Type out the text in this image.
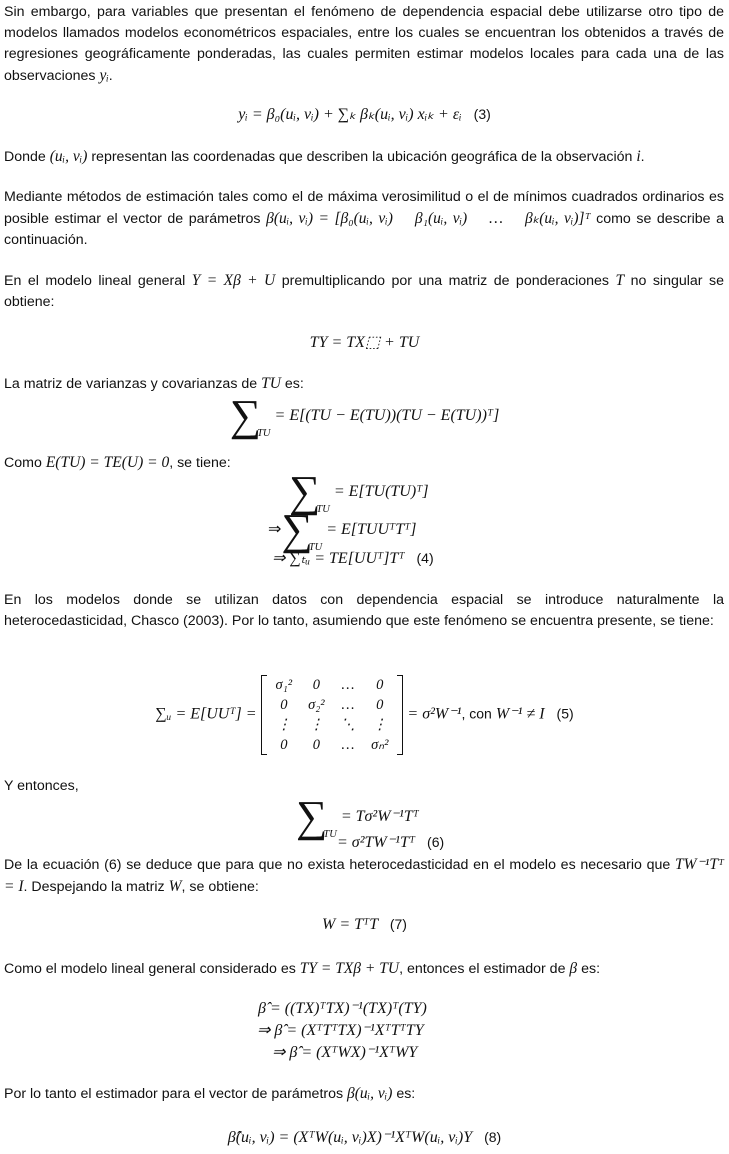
Sin embargo, para variables que presentan el fenómeno de dependencia espacial debe utilizarse otro tipo de modelos llamados modelos econométricos espaciales, entre los cuales se encuentran los obtenidos a través de regresiones geográficamente ponderadas, las cuales permiten estimar modelos locales para cada una de las observaciones yᵢ.
yᵢ = β₀(uᵢ, vᵢ) + ∑ₖ βₖ(uᵢ, vᵢ) xᵢₖ + εᵢ (3)
Donde (uᵢ, vᵢ) representan las coordenadas que describen la ubicación geográfica de la observación i.
Mediante métodos de estimación tales como el de máxima verosimilitud o el de mínimos cuadrados ordinarios es posible estimar el vector de parámetros β(uᵢ, vᵢ) = [β₀(uᵢ, vᵢ)    β₁(uᵢ, vᵢ)    …    βₖ(uᵢ, vᵢ)]ᵀ como se describe a continuación.
En el modelo lineal general Y = Xβ + U premultiplicando por una matriz de ponderaciones T no singular se obtiene:
TY = TX⬚ + TU
La matriz de varianzas y covarianzas de TU es:
$\sum_{TU} = E[(TU - E(TU))(TU$ − E(TU))ᵀ]
Como E(TU) = TE(U) = 0, se tiene:
$\sum_{TU}$ = E[TU(TU)ᵀ]
$\Rightarrow\sum_{TU}$ = E[TUUᵀTᵀ]
⇒ ∑ₜᵤ = TE[UUᵀ]Tᵀ (4)
En los modelos donde se utilizan datos con dependencia espacial se introduce naturalmente la heterocedasticidad, Chasco (2003). Por lo tanto, asumiendo que este fenómeno se encuentra presente, se tiene:
∑ᵤ = E[UUᵀ] =
σ₁²	0	…	0
0	σ₂²	…	0
⋮	⋮	⋱	⋮
0	0	…	σₙ²
= σ²W⁻¹, con W⁻¹ ≠ I (5)
Y entonces,
$\sum_{TU}$ = Tσ²W⁻¹Tᵀ
= σ²TW⁻¹Tᵀ (6)
De la ecuación (6) se deduce que para que no exista heterocedasticidad en el modelo es necesario que TW⁻¹Tᵀ = I. Despejando la matriz W, se obtiene:
W = TᵀT (7)
Como el modelo lineal general considerado es TY = TXβ + TU, entonces el estimador de β es:
β̂ = ((TX)ᵀTX)⁻¹(TX)ᵀ(TY)
⇒ β̂ = (XᵀTᵀTX)⁻¹XᵀTᵀTY
⇒ β̂ = (XᵀWX)⁻¹XᵀWY
Por lo tanto el estimador para el vector de parámetros β(uᵢ, vᵢ) es:
β̂(uᵢ, vᵢ) = (XᵀW(uᵢ, vᵢ)X)⁻¹XᵀW(uᵢ, vᵢ)Y (8)
